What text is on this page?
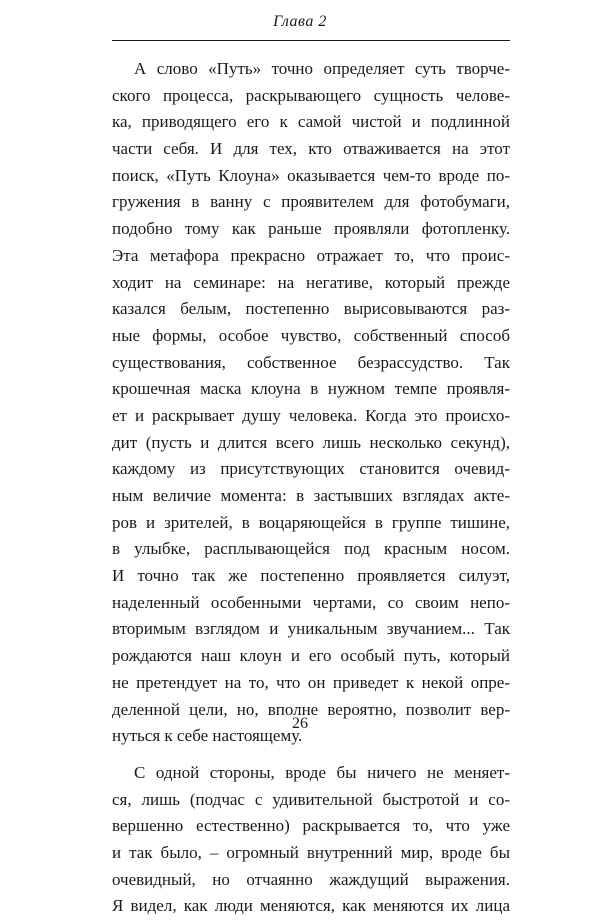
Глава 2
А слово «Путь» точно определяет суть творче-
ского процесса, раскрывающего сущность челове-
ка, приводящего его к самой чистой и подлинной
части себя. И для тех, кто отваживается на этот
поиск, «Путь Клоуна» оказывается чем-то вроде по-
гружения в ванну с проявителем для фотобумаги,
подобно тому как раньше проявляли фотопленку.
Эта метафора прекрасно отражает то, что проис-
ходит на семинаре: на негативе, который прежде
казался белым, постепенно вырисовываются раз-
ные формы, особое чувство, собственный способ
существования, собственное безрассудство. Так
крошечная маска клоуна в нужном темпе проявля-
ет и раскрывает душу человека. Когда это происхо-
дит (пусть и длится всего лишь несколько секунд),
каждому из присутствующих становится очевид-
ным величие момента: в застывших взглядах акте-
ров и зрителей, в воцаряющейся в группе тишине,
в улыбке, расплывающейся под красным носом.
И точно так же постепенно проявляется силуэт,
наделенный особенными чертами, со своим непо-
вторимым взглядом и уникальным звучанием... Так
рождаются наш клоун и его особый путь, который
не претендует на то, что он приведет к некой опре-
деленной цели, но, вполне вероятно, позволит вер-
нуться к себе настоящему.
С одной стороны, вроде бы ничего не меняет-
ся, лишь (подчас с удивительной быстротой и со-
вершенно естественно) раскрывается то, что уже
и так было, – огромный внутренний мир, вроде бы
очевидный, но отчаянно жаждущий выражения.
Я видел, как люди меняются, как меняются их лица
26
